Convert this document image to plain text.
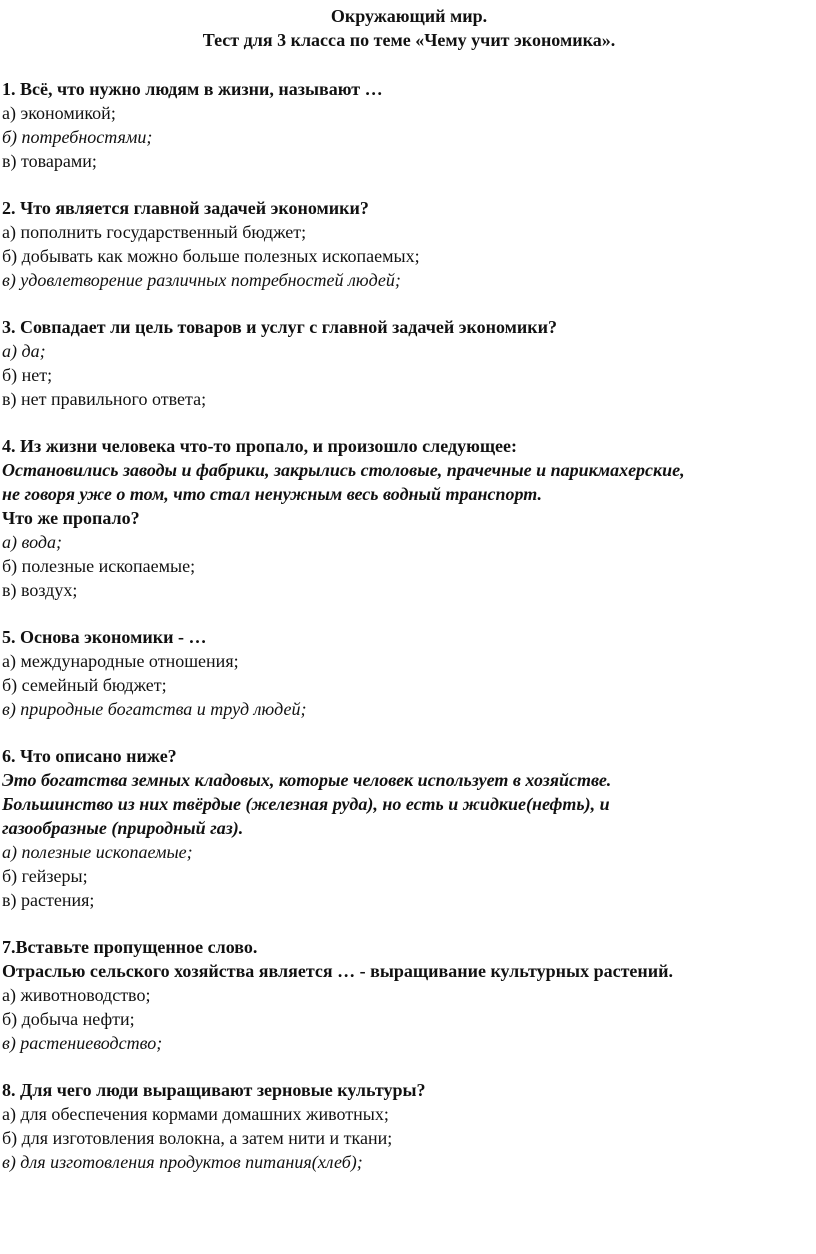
Окружающий мир.
Тест для 3 класса по теме «Чему учит экономика».
1. Всё, что нужно людям в жизни, называют …
а) экономикой;
б) потребностями;
в) товарами;
2. Что является главной задачей экономики?
а) пополнить государственный бюджет;
б) добывать как можно больше полезных ископаемых;
в) удовлетворение различных потребностей людей;
3. Совпадает ли цель товаров и услуг с главной задачей экономики?
а) да;
б) нет;
в) нет правильного ответа;
4. Из жизни человека что-то пропало, и произошло следующее:
Остановились заводы и фабрики, закрылись столовые, прачечные и парикмахерские,
не говоря уже о том, что стал ненужным весь водный транспорт.
Что же пропало?
а) вода;
б) полезные ископаемые;
в) воздух;
5. Основа экономики - …
а) международные отношения;
б) семейный бюджет;
в) природные богатства и труд людей;
6. Что описано ниже?
Это богатства земных кладовых, которые человек использует в хозяйстве.
Большинство из них твёрдые (железная руда), но есть и жидкие(нефть), и
газообразные (природный газ).
а) полезные ископаемые;
б) гейзеры;
в) растения;
7.Вставьте пропущенное слово.
Отраслью сельского хозяйства является … - выращивание культурных растений.
а) животноводство;
б) добыча нефти;
в) растениеводство;
8. Для чего люди выращивают зерновые культуры?
а) для обеспечения кормами домашних животных;
б) для изготовления волокна, а затем нити и ткани;
в) для изготовления продуктов питания(хлеб);
